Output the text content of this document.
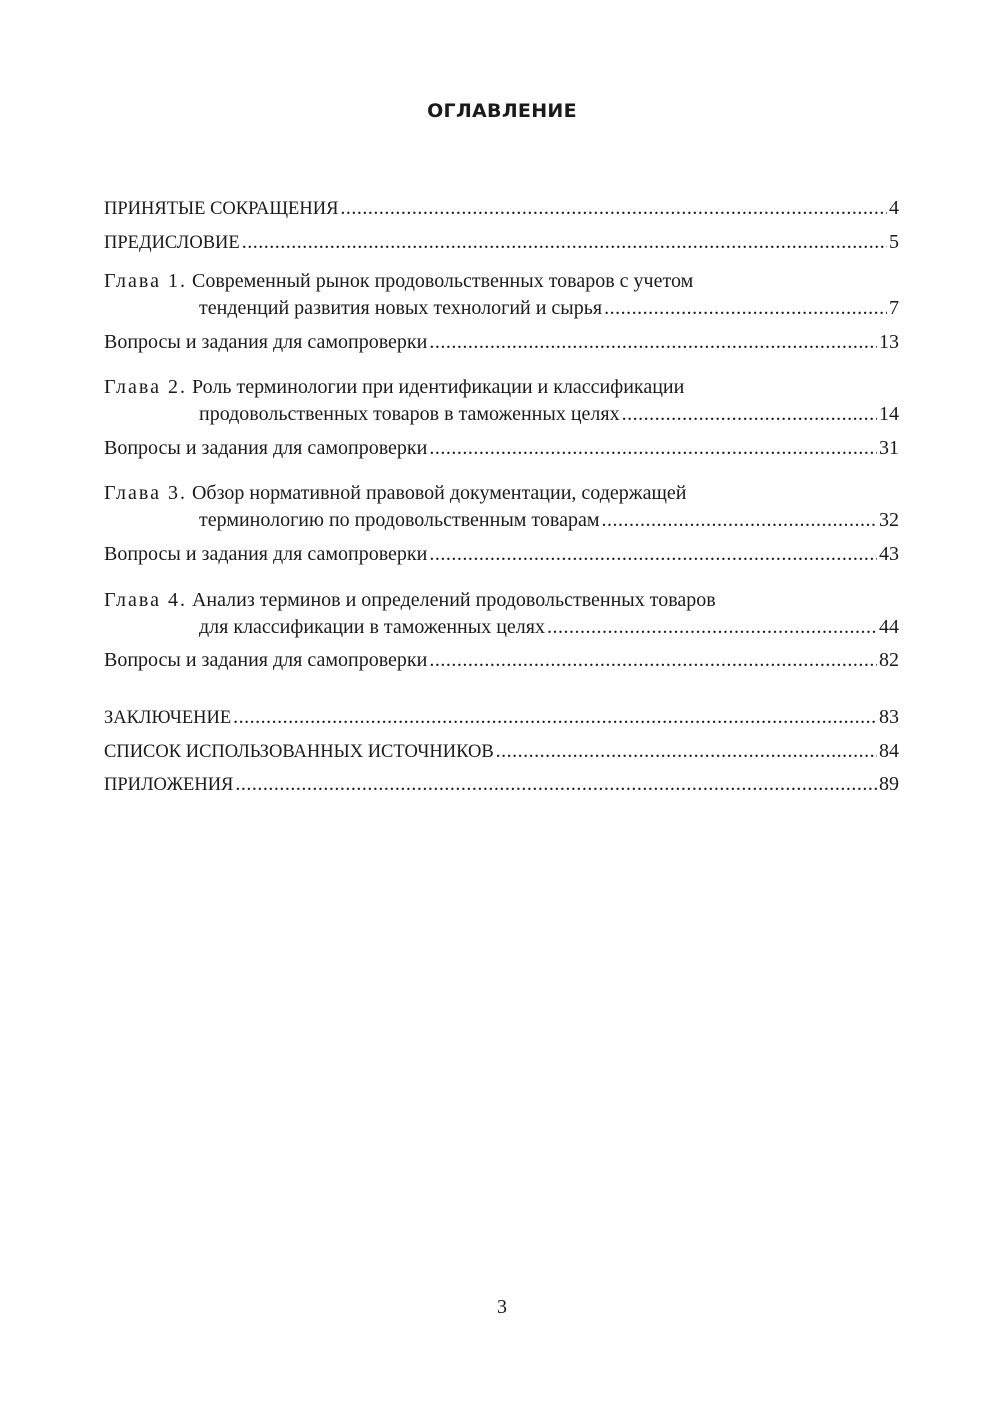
ОГЛАВЛЕНИЕ
ПРИНЯТЫЕ СОКРАЩЕНИЯ .....	4
ПРЕДИСЛОВИЕ .....	5
Глава 1. Современный рынок продовольственных товаров с учетом
тенденций развития новых технологий и сырья .....	7
Вопросы и задания для самопроверки .....	13
Глава 2. Роль терминологии при идентификации и классификации
продовольственных товаров в таможенных целях .....	14
Вопросы и задания для самопроверки .....	31
Глава 3. Обзор нормативной правовой документации, содержащей
терминологию по продовольственным товарам .....	32
Вопросы и задания для самопроверки .....	43
Глава 4. Анализ терминов и определений продовольственных товаров
для классификации в таможенных целях .....	44
Вопросы и задания для самопроверки .....	82
ЗАКЛЮЧЕНИЕ .....	83
СПИСОК ИСПОЛЬЗОВАННЫХ ИСТОЧНИКОВ .....	84
ПРИЛОЖЕНИЯ .....	89
3
